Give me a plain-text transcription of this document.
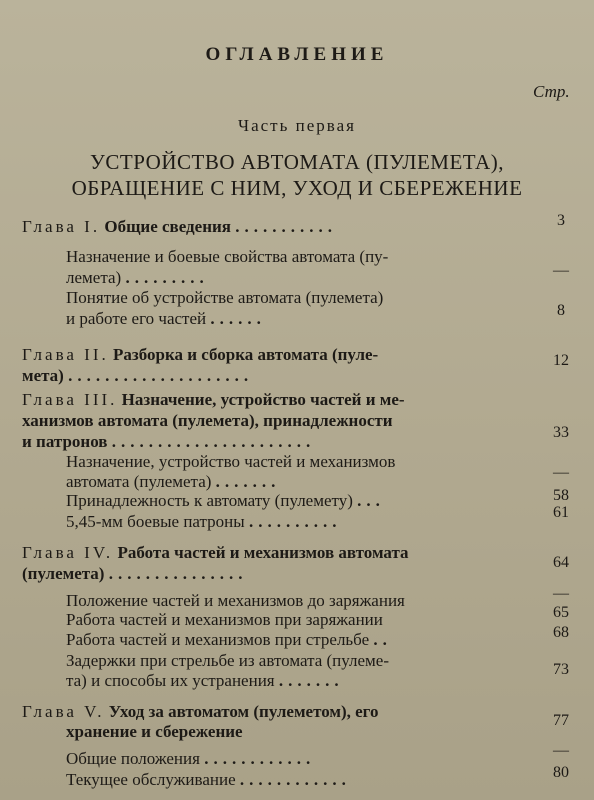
ОГЛАВЛЕНИЕ
Стр.
Часть первая
УСТРОЙСТВО АВТОМАТА (ПУЛЕМЕТА),
ОБРАЩЕНИЕ С НИМ, УХОД И СБЕРЕЖЕНИЕ
Глава I. Общие сведения ...........	3
Назначение и боевые свойства автомата (пу-
лемета) .........	—
Понятие об устройстве автомата (пулемета)
и работе его частей ......	8
Глава II. Разборка и сборка автомата (пуле-
мета) ....................
12
Глава III. Назначение, устройство частей и ме-
ханизмов автомата (пулемета), принадлежности
и патронов ......................	33
Назначение, устройство частей и механизмов
автомата (пулемета) .......	—
Принадлежность к автомату (пулемету) ...	58
5,45-мм боевые патроны ..........	61
Глава IV. Работа частей и механизмов автомата
(пулемета) ...............
64
Положение частей и механизмов до заряжания	—
Работа частей и механизмов при заряжании	65
Работа частей и механизмов при стрельбе ..	68
Задержки при стрельбе из автомата (пулеме-
та) и способы их устранения .......
73
Глава V. Уход за автоматом (пулеметом), его
хранение и сбережение
77
Общие положения ............	—
Текущее обслуживание ............	80
